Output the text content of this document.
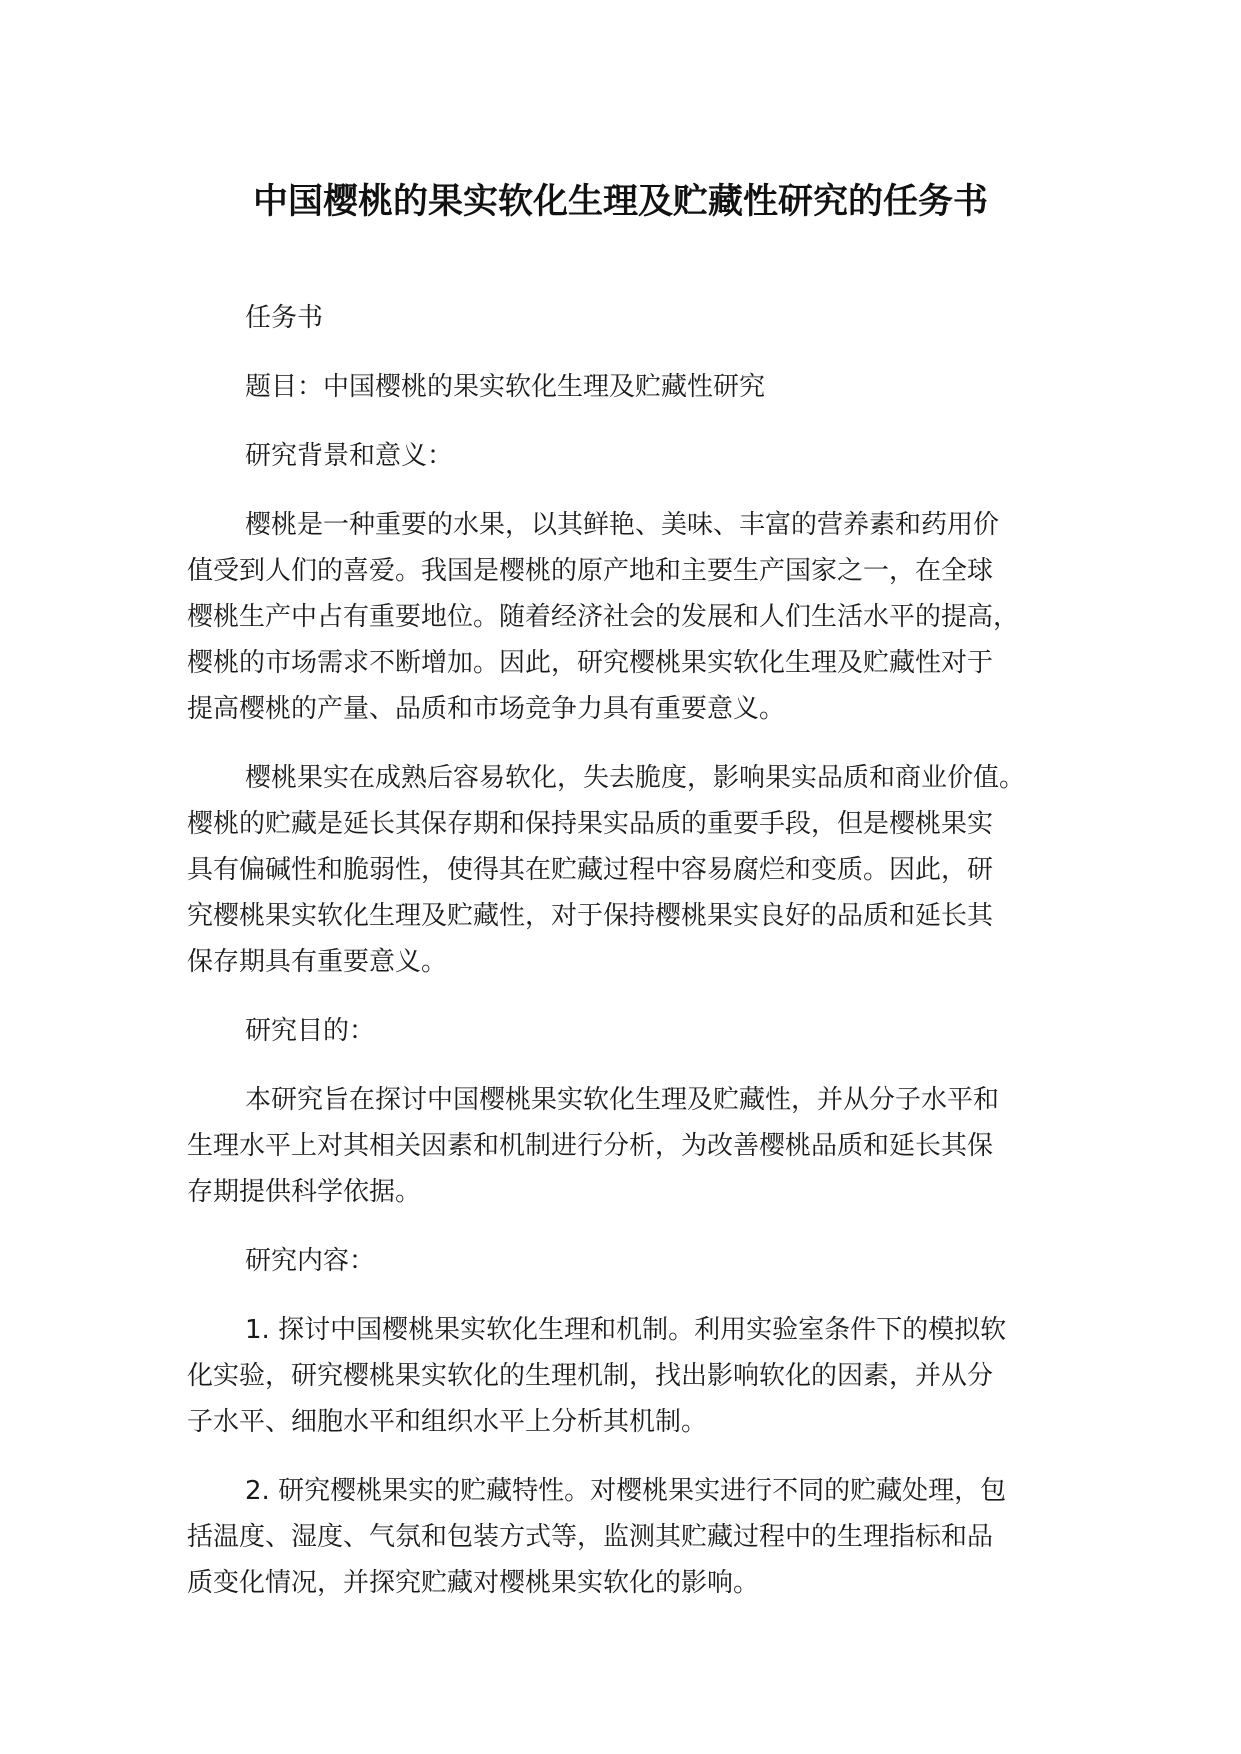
中国樱桃的果实软化生理及贮藏性研究的任务书

任务书

题目：中国樱桃的果实软化生理及贮藏性研究

研究背景和意义：

樱桃是一种重要的水果，以其鲜艳、美味、丰富的营养素和药用价
值受到人们的喜爱。我国是樱桃的原产地和主要生产国家之一，在全球
樱桃生产中占有重要地位。随着经济社会的发展和人们生活水平的提高，
樱桃的市场需求不断增加。因此，研究樱桃果实软化生理及贮藏性对于
提高樱桃的产量、品质和市场竞争力具有重要意义。

樱桃果实在成熟后容易软化，失去脆度，影响果实品质和商业价值。
樱桃的贮藏是延长其保存期和保持果实品质的重要手段，但是樱桃果实
具有偏碱性和脆弱性，使得其在贮藏过程中容易腐烂和变质。因此，研
究樱桃果实软化生理及贮藏性，对于保持樱桃果实良好的品质和延长其
保存期具有重要意义。

研究目的：

本研究旨在探讨中国樱桃果实软化生理及贮藏性，并从分子水平和
生理水平上对其相关因素和机制进行分析，为改善樱桃品质和延长其保
存期提供科学依据。

研究内容：

1. 探讨中国樱桃果实软化生理和机制。利用实验室条件下的模拟软
化实验，研究樱桃果实软化的生理机制，找出影响软化的因素，并从分
子水平、细胞水平和组织水平上分析其机制。

2. 研究樱桃果实的贮藏特性。对樱桃果实进行不同的贮藏处理，包
括温度、湿度、气氛和包装方式等，监测其贮藏过程中的生理指标和品
质变化情况，并探究贮藏对樱桃果实软化的影响。
